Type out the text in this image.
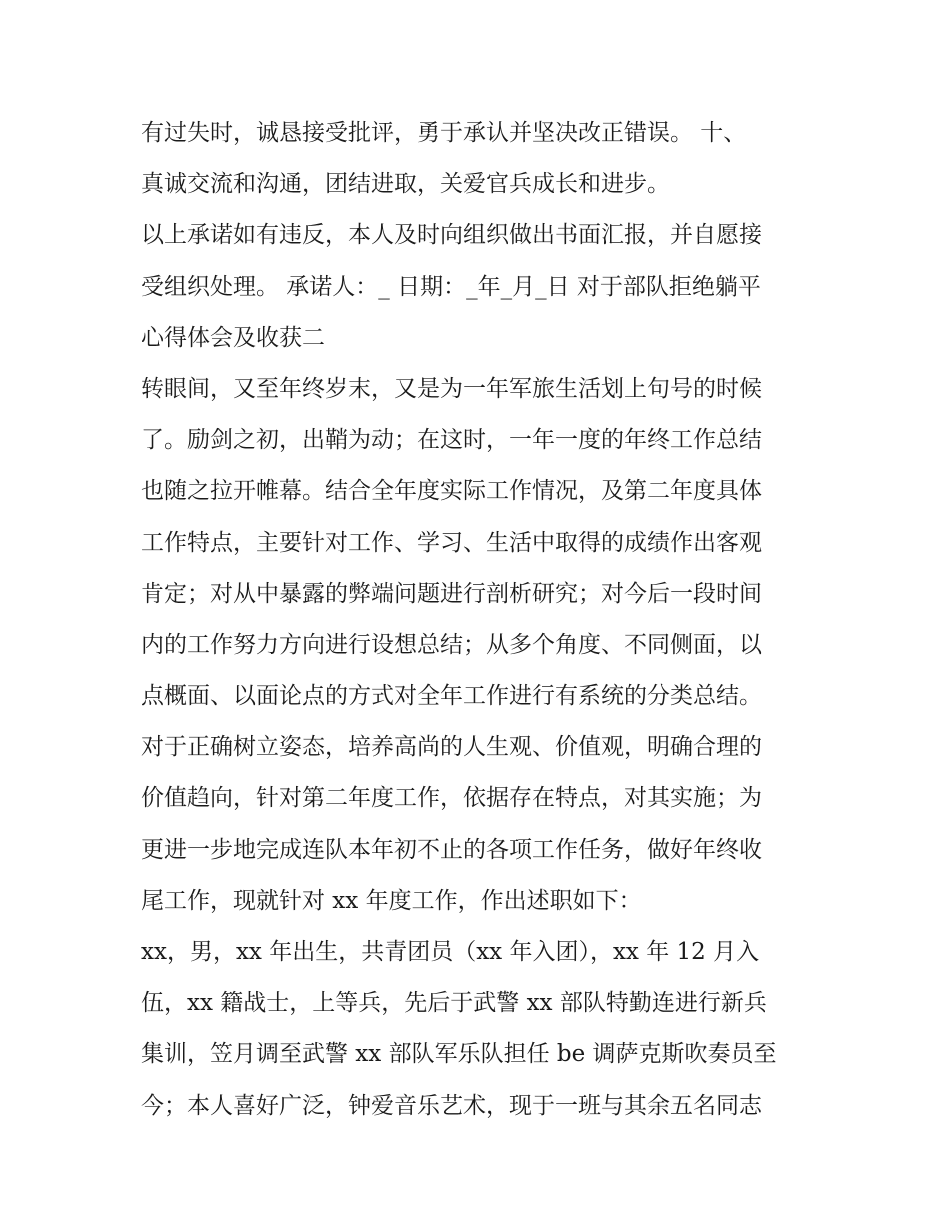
有过失时，诚恳接受批评，勇于承认并坚决改正错误。 十、
真诚交流和沟通，团结进取，关爱官兵成长和进步。
以上承诺如有违反，本人及时向组织做出书面汇报，并自愿接
受组织处理。 承诺人：_ 日期：_年_月_日 对于部队拒绝躺平
心得体会及收获二
转眼间，又至年终岁末，又是为一年军旅生活划上句号的时候
了。励剑之初，出鞘为动；在这时，一年一度的年终工作总结
也随之拉开帷幕。结合全年度实际工作情况，及第二年度具体
工作特点，主要针对工作、学习、生活中取得的成绩作出客观
肯定；对从中暴露的弊端问题进行剖析研究；对今后一段时间
内的工作努力方向进行设想总结；从多个角度、不同侧面，以
点概面、以面论点的方式对全年工作进行有系统的分类总结。
对于正确树立姿态，培养高尚的人生观、价值观，明确合理的
价值趋向，针对第二年度工作，依据存在特点，对其实施；为
更进一步地完成连队本年初不止的各项工作任务，做好年终收
尾工作，现就针对 xx 年度工作，作出述职如下：
xx，男，xx 年出生，共青团员（xx 年入团），xx 年 12 月入
伍，xx 籍战士，上等兵，先后于武警 xx 部队特勤连进行新兵
集训，笠月调至武警 xx 部队军乐队担任 be 调萨克斯吹奏员至
今；本人喜好广泛，钟爱音乐艺术，现于一班与其余五名同志
